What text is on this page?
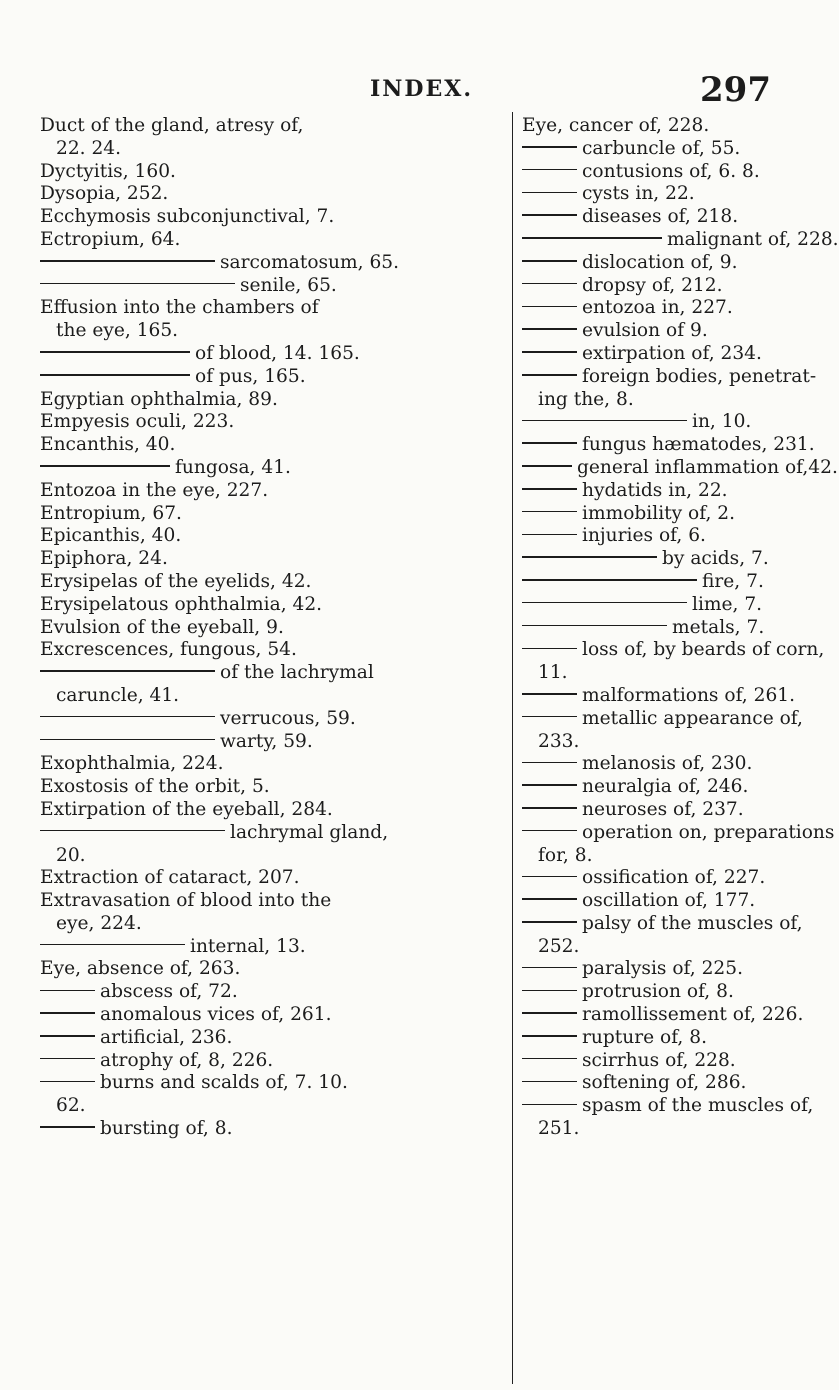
INDEX.	297
Duct of the gland, atresy of,
22. 24.
Dyctyitis, 160.
Dysopia, 252.
Ecchymosis subconjunctival, 7.
Ectropium, 64.
sarcomatosum, 65.
senile, 65.
Effusion into the chambers of
the eye, 165.
of blood, 14. 165.
of pus, 165.
Egyptian ophthalmia, 89.
Empyesis oculi, 223.
Encanthis, 40.
fungosa, 41.
Entozoa in the eye, 227.
Entropium, 67.
Epicanthis, 40.
Epiphora, 24.
Erysipelas of the eyelids, 42.
Erysipelatous ophthalmia, 42.
Evulsion of the eyeball, 9.
Excrescences, fungous, 54.
of the lachrymal
caruncle, 41.
verrucous, 59.
warty, 59.
Exophthalmia, 224.
Exostosis of the orbit, 5.
Extirpation of the eyeball, 284.
lachrymal gland,
20.
Extraction of cataract, 207.
Extravasation of blood into the
eye, 224.
internal, 13.
Eye, absence of, 263.
abscess of, 72.
anomalous vices of, 261.
artificial, 236.
atrophy of, 8, 226.
burns and scalds of, 7. 10.
62.
bursting of, 8.
Eye, cancer of, 228.
carbuncle of, 55.
contusions of, 6. 8.
cysts in, 22.
diseases of, 218.
malignant of, 228.
dislocation of, 9.
dropsy of, 212.
entozoa in, 227.
evulsion of 9.
extirpation of, 234.
foreign bodies, penetrat-
ing the, 8.
in, 10.
fungus hæmatodes, 231.
general inflammation of,42.
hydatids in, 22.
immobility of, 2.
injuries of, 6.
by acids, 7.
fire, 7.
lime, 7.
metals, 7.
loss of, by beards of corn,
11.
malformations of, 261.
metallic appearance of,
233.
melanosis of, 230.
neuralgia of, 246.
neuroses of, 237.
operation on, preparations
for, 8.
ossification of, 227.
oscillation of, 177.
palsy of the muscles of,
252.
paralysis of, 225.
protrusion of, 8.
ramollissement of, 226.
rupture of, 8.
scirrhus of, 228.
softening of, 286.
spasm of the muscles of,
251.
